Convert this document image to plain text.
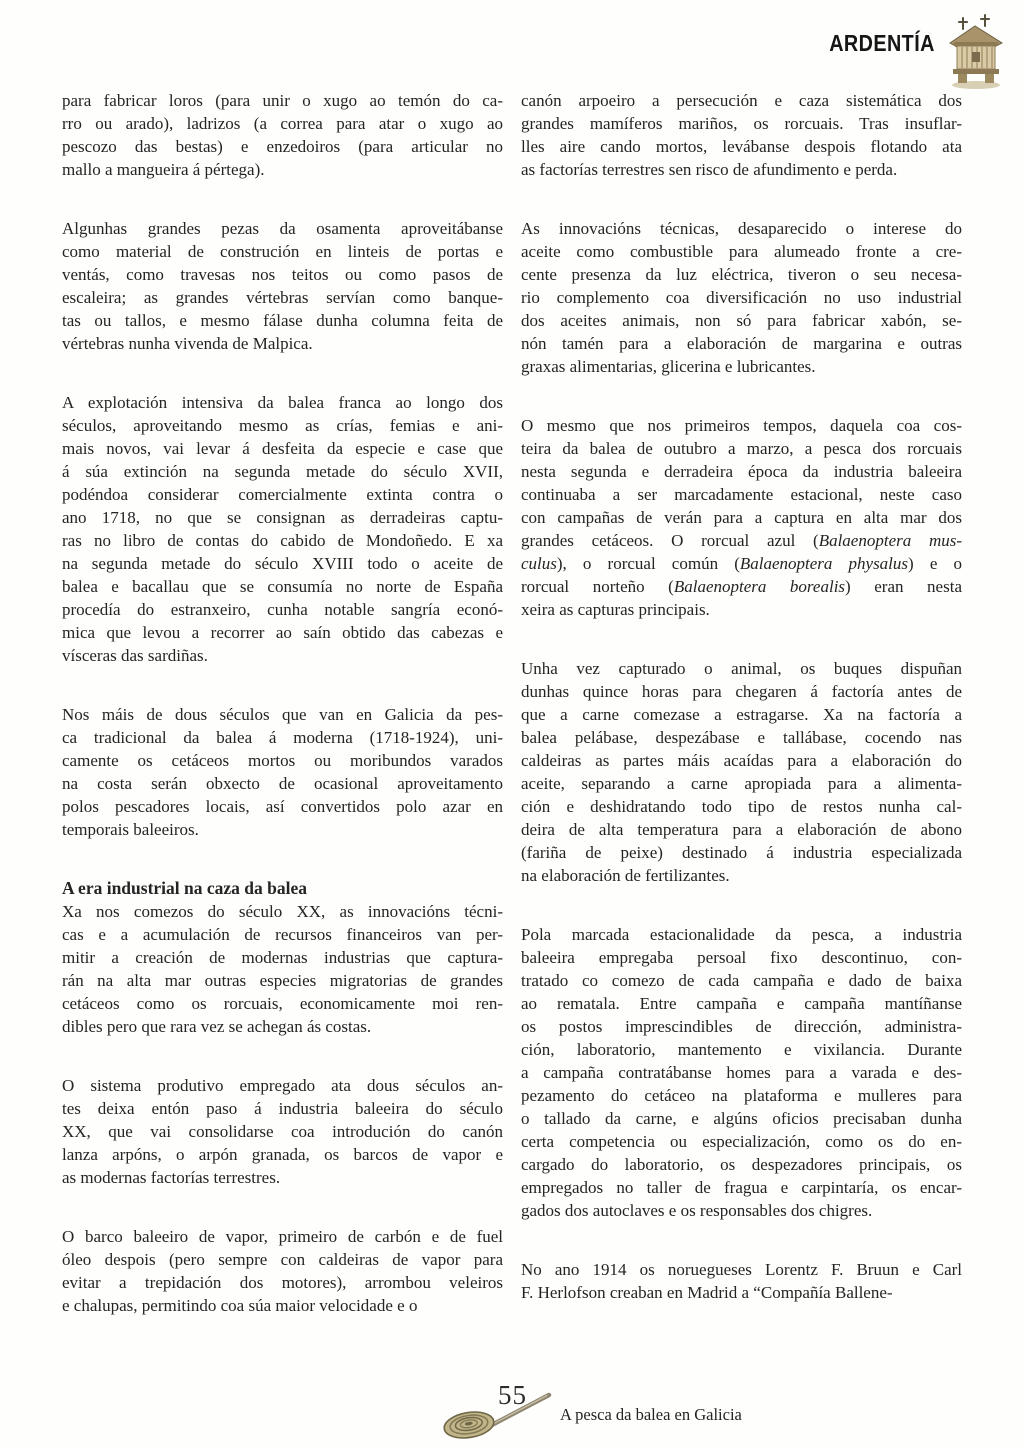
ARDENTÍA
para fabricar loros (para unir o xugo ao temón do ca-
rro ou arado), ladrizos (a correa para atar o xugo ao
pescozo das bestas) e enzedoiros (para articular no
mallo a mangueira á pértega).
Algunhas grandes pezas da osamenta aproveitábanse
como material de construción en linteis de portas e
ventás, como travesas nos teitos ou como pasos de
escaleira; as grandes vértebras servían como banque-
tas ou tallos, e mesmo fálase dunha columna feita de
vértebras nunha vivenda de Malpica.
A explotación intensiva da balea franca ao longo dos
séculos, aproveitando mesmo as crías, femias e ani-
mais novos, vai levar á desfeita da especie e case que
á súa extinción na segunda metade do século XVII,
podéndoa considerar comercialmente extinta contra o
ano 1718, no que se consignan as derradeiras captu-
ras no libro de contas do cabido de Mondoñedo. E xa
na segunda metade do século XVIII todo o aceite de
balea e bacallau que se consumía no norte de España
procedía do estranxeiro, cunha notable sangría econó-
mica que levou a recorrer ao saín obtido das cabezas e
vísceras das sardiñas.
Nos máis de dous séculos que van en Galicia da pes-
ca tradicional da balea á moderna (1718-1924), uni-
camente os cetáceos mortos ou moribundos varados
na costa serán obxecto de ocasional aproveitamento
polos pescadores locais, así convertidos polo azar en
temporais baleeiros.
A era industrial na caza da balea
Xa nos comezos do século XX, as innovacións técni-
cas e a acumulación de recursos financeiros van per-
mitir a creación de modernas industrias que captura-
rán na alta mar outras especies migratorias de grandes
cetáceos como os rorcuais, economicamente moi ren-
dibles pero que rara vez se achegan ás costas.
O sistema produtivo empregado ata dous séculos an-
tes deixa entón paso á industria baleeira do século
XX, que vai consolidarse coa introdución do canón
lanza arpóns, o arpón granada, os barcos de vapor e
as modernas factorías terrestres.
O barco baleeiro de vapor, primeiro de carbón e de fuel
óleo despois (pero sempre con caldeiras de vapor para
evitar a trepidación dos motores), arrombou veleiros
e chalupas, permitindo coa súa maior velocidade e o
canón arpoeiro a persecución e caza sistemática dos
grandes mamíferos mariños, os rorcuais. Tras insuflar-
lles aire cando mortos, levábanse despois flotando ata
as factorías terrestres sen risco de afundimento e perda.
As innovacións técnicas, desaparecido o interese do
aceite como combustible para alumeado fronte a cre-
cente presenza da luz eléctrica, tiveron o seu necesa-
rio complemento coa diversificación no uso industrial
dos aceites animais, non só para fabricar xabón, se-
nón tamén para a elaboración de margarina e outras
graxas alimentarias, glicerina e lubricantes.
O mesmo que nos primeiros tempos, daquela coa cos-
teira da balea de outubro a marzo, a pesca dos rorcuais
nesta segunda e derradeira época da industria baleeira
continuaba a ser marcadamente estacional, neste caso
con campañas de verán para a captura en alta mar dos
grandes cetáceos. O rorcual azul (Balaenoptera mus-
culus), o rorcual común (Balaenoptera physalus) e o
rorcual norteño (Balaenoptera borealis) eran nesta
xeira as capturas principais.
Unha vez capturado o animal, os buques dispuñan
dunhas quince horas para chegaren á factoría antes de
que a carne comezase a estragarse. Xa na factoría a
balea pelábase, despezábase e tallábase, cocendo nas
caldeiras as partes máis acaídas para a elaboración do
aceite, separando a carne apropiada para a alimenta-
ción e deshidratando todo tipo de restos nunha cal-
deira de alta temperatura para a elaboración de abono
(fariña de peixe) destinado á industria especializada
na elaboración de fertilizantes.
Pola marcada estacionalidade da pesca, a industria
baleeira empregaba persoal fixo descontinuo, con-
tratado co comezo de cada campaña e dado de baixa
ao rematala. Entre campaña e campaña mantíñanse
os postos imprescindibles de dirección, administra-
ción, laboratorio, mantemento e vixilancia. Durante
a campaña contratábanse homes para a varada e des-
pezamento do cetáceo na plataforma e mulleres para
o tallado da carne, e algúns oficios precisaban dunha
certa competencia ou especialización, como os do en-
cargado do laboratorio, os despezadores principais, os
empregados no taller de fragua e carpintaría, os encar-
gados dos autoclaves e os responsables dos chigres.
No ano 1914 os noruegueses Lorentz F. Bruun e Carl
F. Herlofson creaban en Madrid a “Compañía Ballene-
55
A pesca da balea en Galicia
